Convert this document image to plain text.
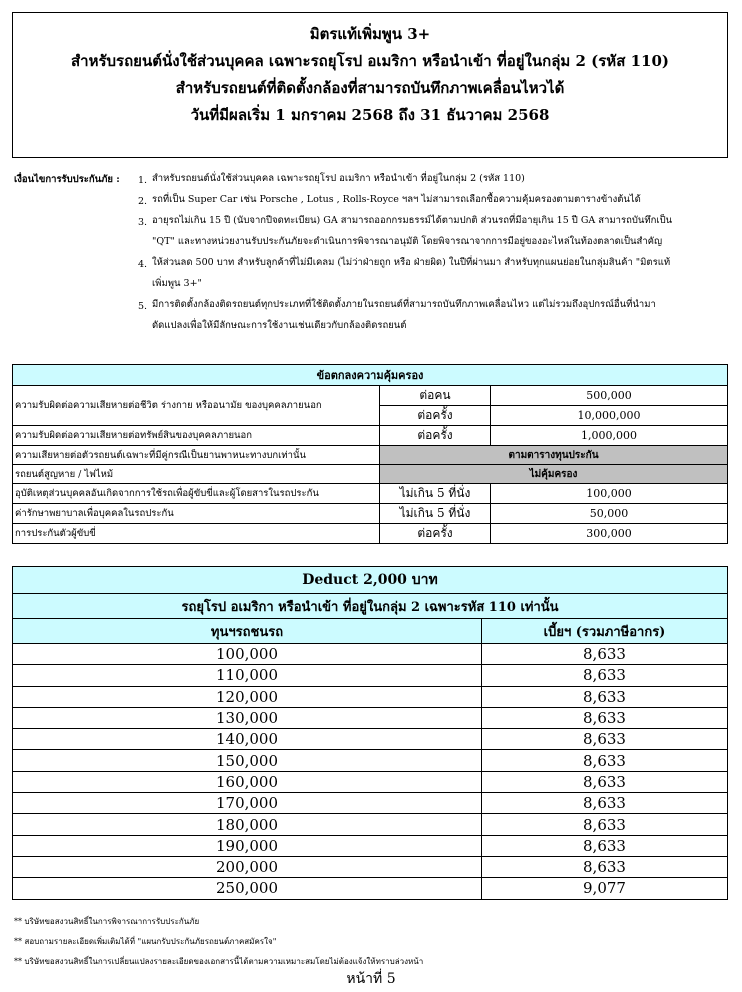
มิตรแท้เพิ่มพูน 3+
สำหรับรถยนต์นั่งใช้ส่วนบุคคล เฉพาะรถยุโรป อเมริกา หรือนำเข้า ที่อยู่ในกลุ่ม 2 (รหัส 110)
สำหรับรถยนต์ที่ติดตั้งกล้องที่สามารถบันทึกภาพเคลื่อนไหวได้
วันที่มีผลเริ่ม 1 มกราคม 2568 ถึง 31 ธันวาคม 2568
เงื่อนไขการรับประกันภัย : 1. สำหรับรถยนต์นั่งใช้ส่วนบุคคล เฉพาะรถยุโรป อเมริกา หรือนำเข้า ที่อยู่ในกลุ่ม 2 (รหัส 110)
2. รถที่เป็น Super Car เช่น Porsche , Lotus , Rolls-Royce ฯลฯ ไม่สามารถเลือกซื้อความคุ้มครองตามตารางข้างต้นได้
3. อายุรถไม่เกิน 15 ปี (นับจากปีจดทะเบียน) GA สามารถออกกรมธรรม์ได้ตามปกติ ส่วนรถที่มีอายุเกิน 15 ปี GA สามารถบันทึกเป็น
"QT" และทางหน่วยงานรับประกันภัยจะดำเนินการพิจารณาอนุมัติ โดยพิจารณาจากการมีอยู่ของอะไหล่ในท้องตลาดเป็นสำคัญ
4. ให้ส่วนลด 500 บาท สำหรับลูกค้าที่ไม่มีเคลม (ไม่ว่าฝ่ายถูก หรือ ฝ่ายผิด) ในปีที่ผ่านมา สำหรับทุกแผนย่อยในกลุ่มสินค้า "มิตรแท้
เพิ่มพูน 3+"
5. มีการติดตั้งกล้องติดรถยนต์ทุกประเภทที่ใช้ติดตั้งภายในรถยนต์ที่สามารถบันทึกภาพเคลื่อนไหว แต่ไม่รวมถึงอุปกรณ์อื่นที่นำมา
ดัดแปลงเพื่อให้มีลักษณะการใช้งานเช่นเดียวกับกล้องติดรถยนต์
ข้อตกลงความคุ้มครอง		
ความรับผิดต่อความเสียหายต่อชีวิต ร่างกาย หรืออนามัย ของบุคคลภายนอก	ต่อคน	500,000
	ต่อครั้ง	10,000,000
ความรับผิดต่อความเสียหายต่อทรัพย์สินของบุคคลภายนอก	ต่อครั้ง	1,000,000
ความเสียหายต่อตัวรถยนต์เฉพาะที่มีคู่กรณีเป็นยานพาหนะทางบกเท่านั้น	ตามตารางทุนประกัน	
รถยนต์สูญหาย / ไฟไหม้	ไม่คุ้มครอง	
อุบัติเหตุส่วนบุคคลอันเกิดจากการใช้รถเพื่อผู้ขับขี่และผู้โดยสารในรถประกัน	ไม่เกิน 5 ที่นั่ง	100,000
ค่ารักษาพยาบาลเพื่อบุคคลในรถประกัน	ไม่เกิน 5 ที่นั่ง	50,000
การประกันตัวผู้ขับขี่	ต่อครั้ง	300,000
Deduct 2,000 บาท	
รถยุโรป อเมริกา หรือนำเข้า ที่อยู่ในกลุ่ม 2 เฉพาะรหัส 110 เท่านั้น	
ทุนฯรถชนรถ	เบี้ยฯ (รวมภาษีอากร)
100,000	8,633
110,000	8,633
120,000	8,633
130,000	8,633
140,000	8,633
150,000	8,633
160,000	8,633
170,000	8,633
180,000	8,633
190,000	8,633
200,000	8,633
250,000	9,077
** บริษัทขอสงวนสิทธิ์ในการพิจารณาการรับประกันภัย
** สอบถามรายละเอียดเพิ่มเติมได้ที่ "แผนกรับประกันภัยรถยนต์ภาคสมัครใจ"
** บริษัทขอสงวนสิทธิ์ในการเปลี่ยนแปลงรายละเอียดของเอกสารนี้ได้ตามความเหมาะสมโดยไม่ต้องแจ้งให้ทราบล่วงหน้า
หน้าที่ 5
